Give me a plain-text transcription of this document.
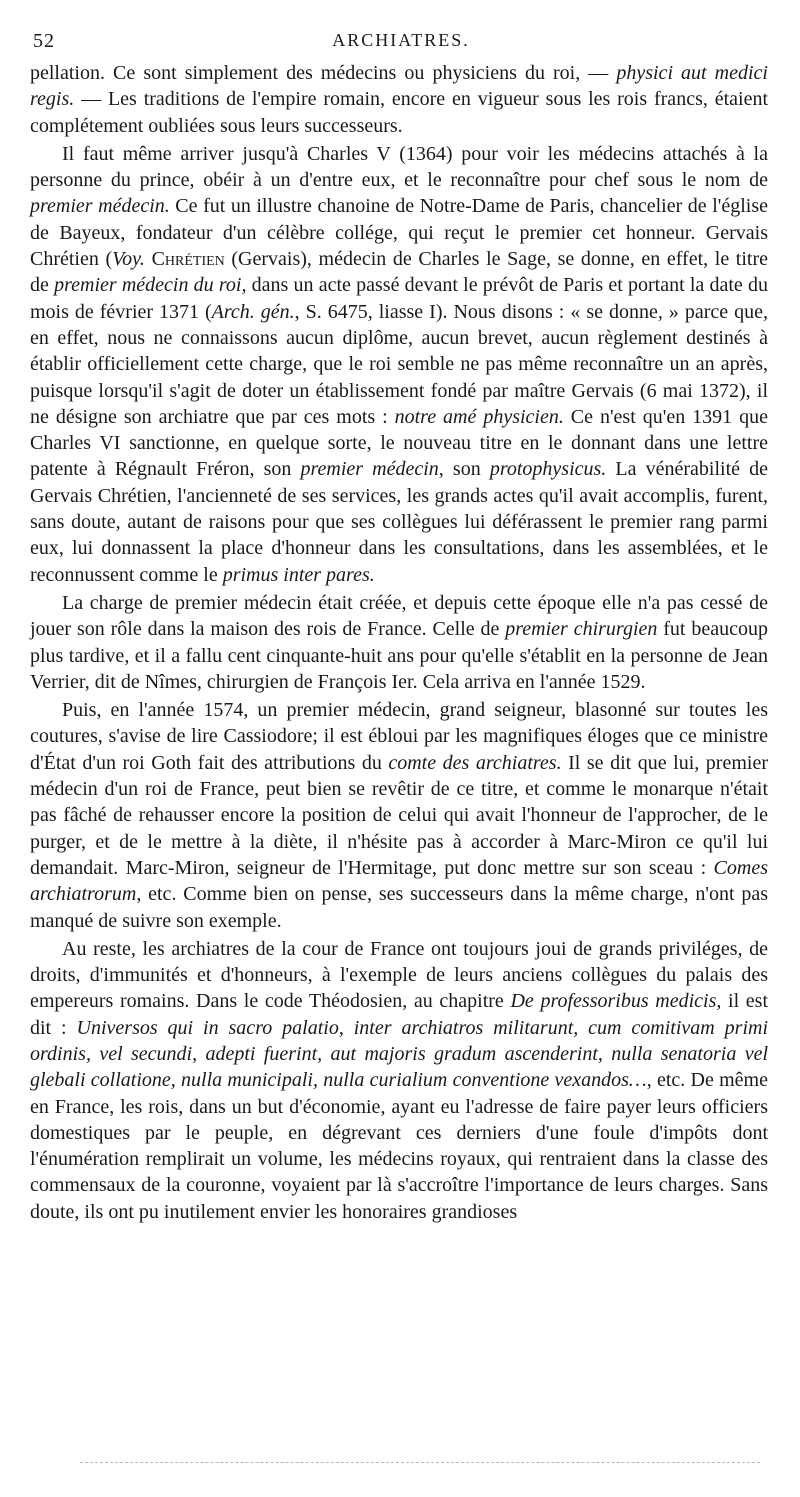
52	ARCHIATRES.

pellation. Ce sont simplement des médecins ou physiciens du roi, — physici aut medici regis. — Les traditions de l'empire romain, encore en vigueur sous les rois francs, étaient complétement oubliées sous leurs successeurs.

Il faut même arriver jusqu'à Charles V (1364) pour voir les médecins attachés à la personne du prince, obéir à un d'entre eux, et le reconnaître pour chef sous le nom de premier médecin. Ce fut un illustre chanoine de Notre-Dame de Paris, chancelier de l'église de Bayeux, fondateur d'un célèbre collége, qui reçut le premier cet honneur. Gervais Chrétien (Voy. Chrétien (Gervais), médecin de Charles le Sage, se donne, en effet, le titre de premier médecin du roi, dans un acte passé devant le prévôt de Paris et portant la date du mois de février 1371 (Arch. gén., S. 6475, liasse I). Nous disons : « se donne, » parce que, en effet, nous ne connaissons aucun diplôme, aucun brevet, aucun règlement destinés à établir officiellement cette charge, que le roi semble ne pas même reconnaître un an après, puisque lorsqu'il s'agit de doter un établissement fondé par maître Gervais (6 mai 1372), il ne désigne son archiatre que par ces mots : notre amé physicien. Ce n'est qu'en 1391 que Charles VI sanctionne, en quelque sorte, le nouveau titre en le donnant dans une lettre patente à Régnault Fréron, son premier médecin, son protophysicus. La vénérabilité de Gervais Chrétien, l'ancienneté de ses services, les grands actes qu'il avait accomplis, furent, sans doute, autant de raisons pour que ses collègues lui déférassent le premier rang parmi eux, lui donnassent la place d'honneur dans les consultations, dans les assemblées, et le reconnussent comme le primus inter pares.

La charge de premier médecin était créée, et depuis cette époque elle n'a pas cessé de jouer son rôle dans la maison des rois de France. Celle de premier chirurgien fut beaucoup plus tardive, et il a fallu cent cinquante-huit ans pour qu'elle s'établit en la personne de Jean Verrier, dit de Nîmes, chirurgien de François Ier. Cela arriva en l'année 1529.

Puis, en l'année 1574, un premier médecin, grand seigneur, blasonné sur toutes les coutures, s'avise de lire Cassiodore; il est ébloui par les magnifiques éloges que ce ministre d'État d'un roi Goth fait des attributions du comte des archiatres. Il se dit que lui, premier médecin d'un roi de France, peut bien se revêtir de ce titre, et comme le monarque n'était pas fâché de rehausser encore la position de celui qui avait l'honneur de l'approcher, de le purger, et de le mettre à la diète, il n'hésite pas à accorder à Marc-Miron ce qu'il lui demandait. Marc-Miron, seigneur de l'Hermitage, put donc mettre sur son sceau : Comes archiatrorum, etc. Comme bien on pense, ses successeurs dans la même charge, n'ont pas manqué de suivre son exemple.

Au reste, les archiatres de la cour de France ont toujours joui de grands priviléges, de droits, d'immunités et d'honneurs, à l'exemple de leurs anciens collègues du palais des empereurs romains. Dans le code Théodosien, au chapitre De professoribus medicis, il est dit : Universos qui in sacro palatio, inter archiatros militarunt, cum comitivam primi ordinis, vel secundi, adepti fuerint, aut majoris gradum ascenderint, nulla senatoria vel glebali collatione, nulla municipali, nulla curialium conventione vexandos…, etc. De même en France, les rois, dans un but d'économie, ayant eu l'adresse de faire payer leurs officiers domestiques par le peuple, en dégrevant ces derniers d'une foule d'impôts dont l'énumération remplirait un volume, les médecins royaux, qui rentraient dans la classe des commensaux de la couronne, voyaient par là s'accroître l'importance de leurs charges. Sans doute, ils ont pu inutilement envier les honoraires grandioses
